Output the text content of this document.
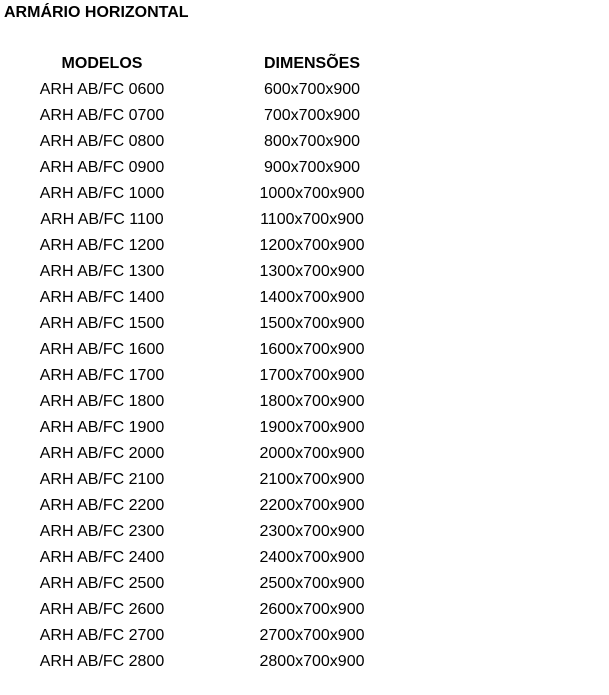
ARMÁRIO HORIZONTAL
MODELOS	DIMENSÕES
ARH AB/FC 0600	600x700x900
ARH AB/FC 0700	700x700x900
ARH AB/FC 0800	800x700x900
ARH AB/FC 0900	900x700x900
ARH AB/FC 1000	1000x700x900
ARH AB/FC 1100	1100x700x900
ARH AB/FC 1200	1200x700x900
ARH AB/FC 1300	1300x700x900
ARH AB/FC 1400	1400x700x900
ARH AB/FC 1500	1500x700x900
ARH AB/FC 1600	1600x700x900
ARH AB/FC 1700	1700x700x900
ARH AB/FC 1800	1800x700x900
ARH AB/FC 1900	1900x700x900
ARH AB/FC 2000	2000x700x900
ARH AB/FC 2100	2100x700x900
ARH AB/FC 2200	2200x700x900
ARH AB/FC 2300	2300x700x900
ARH AB/FC 2400	2400x700x900
ARH AB/FC 2500	2500x700x900
ARH AB/FC 2600	2600x700x900
ARH AB/FC 2700	2700x700x900
ARH AB/FC 2800	2800x700x900
